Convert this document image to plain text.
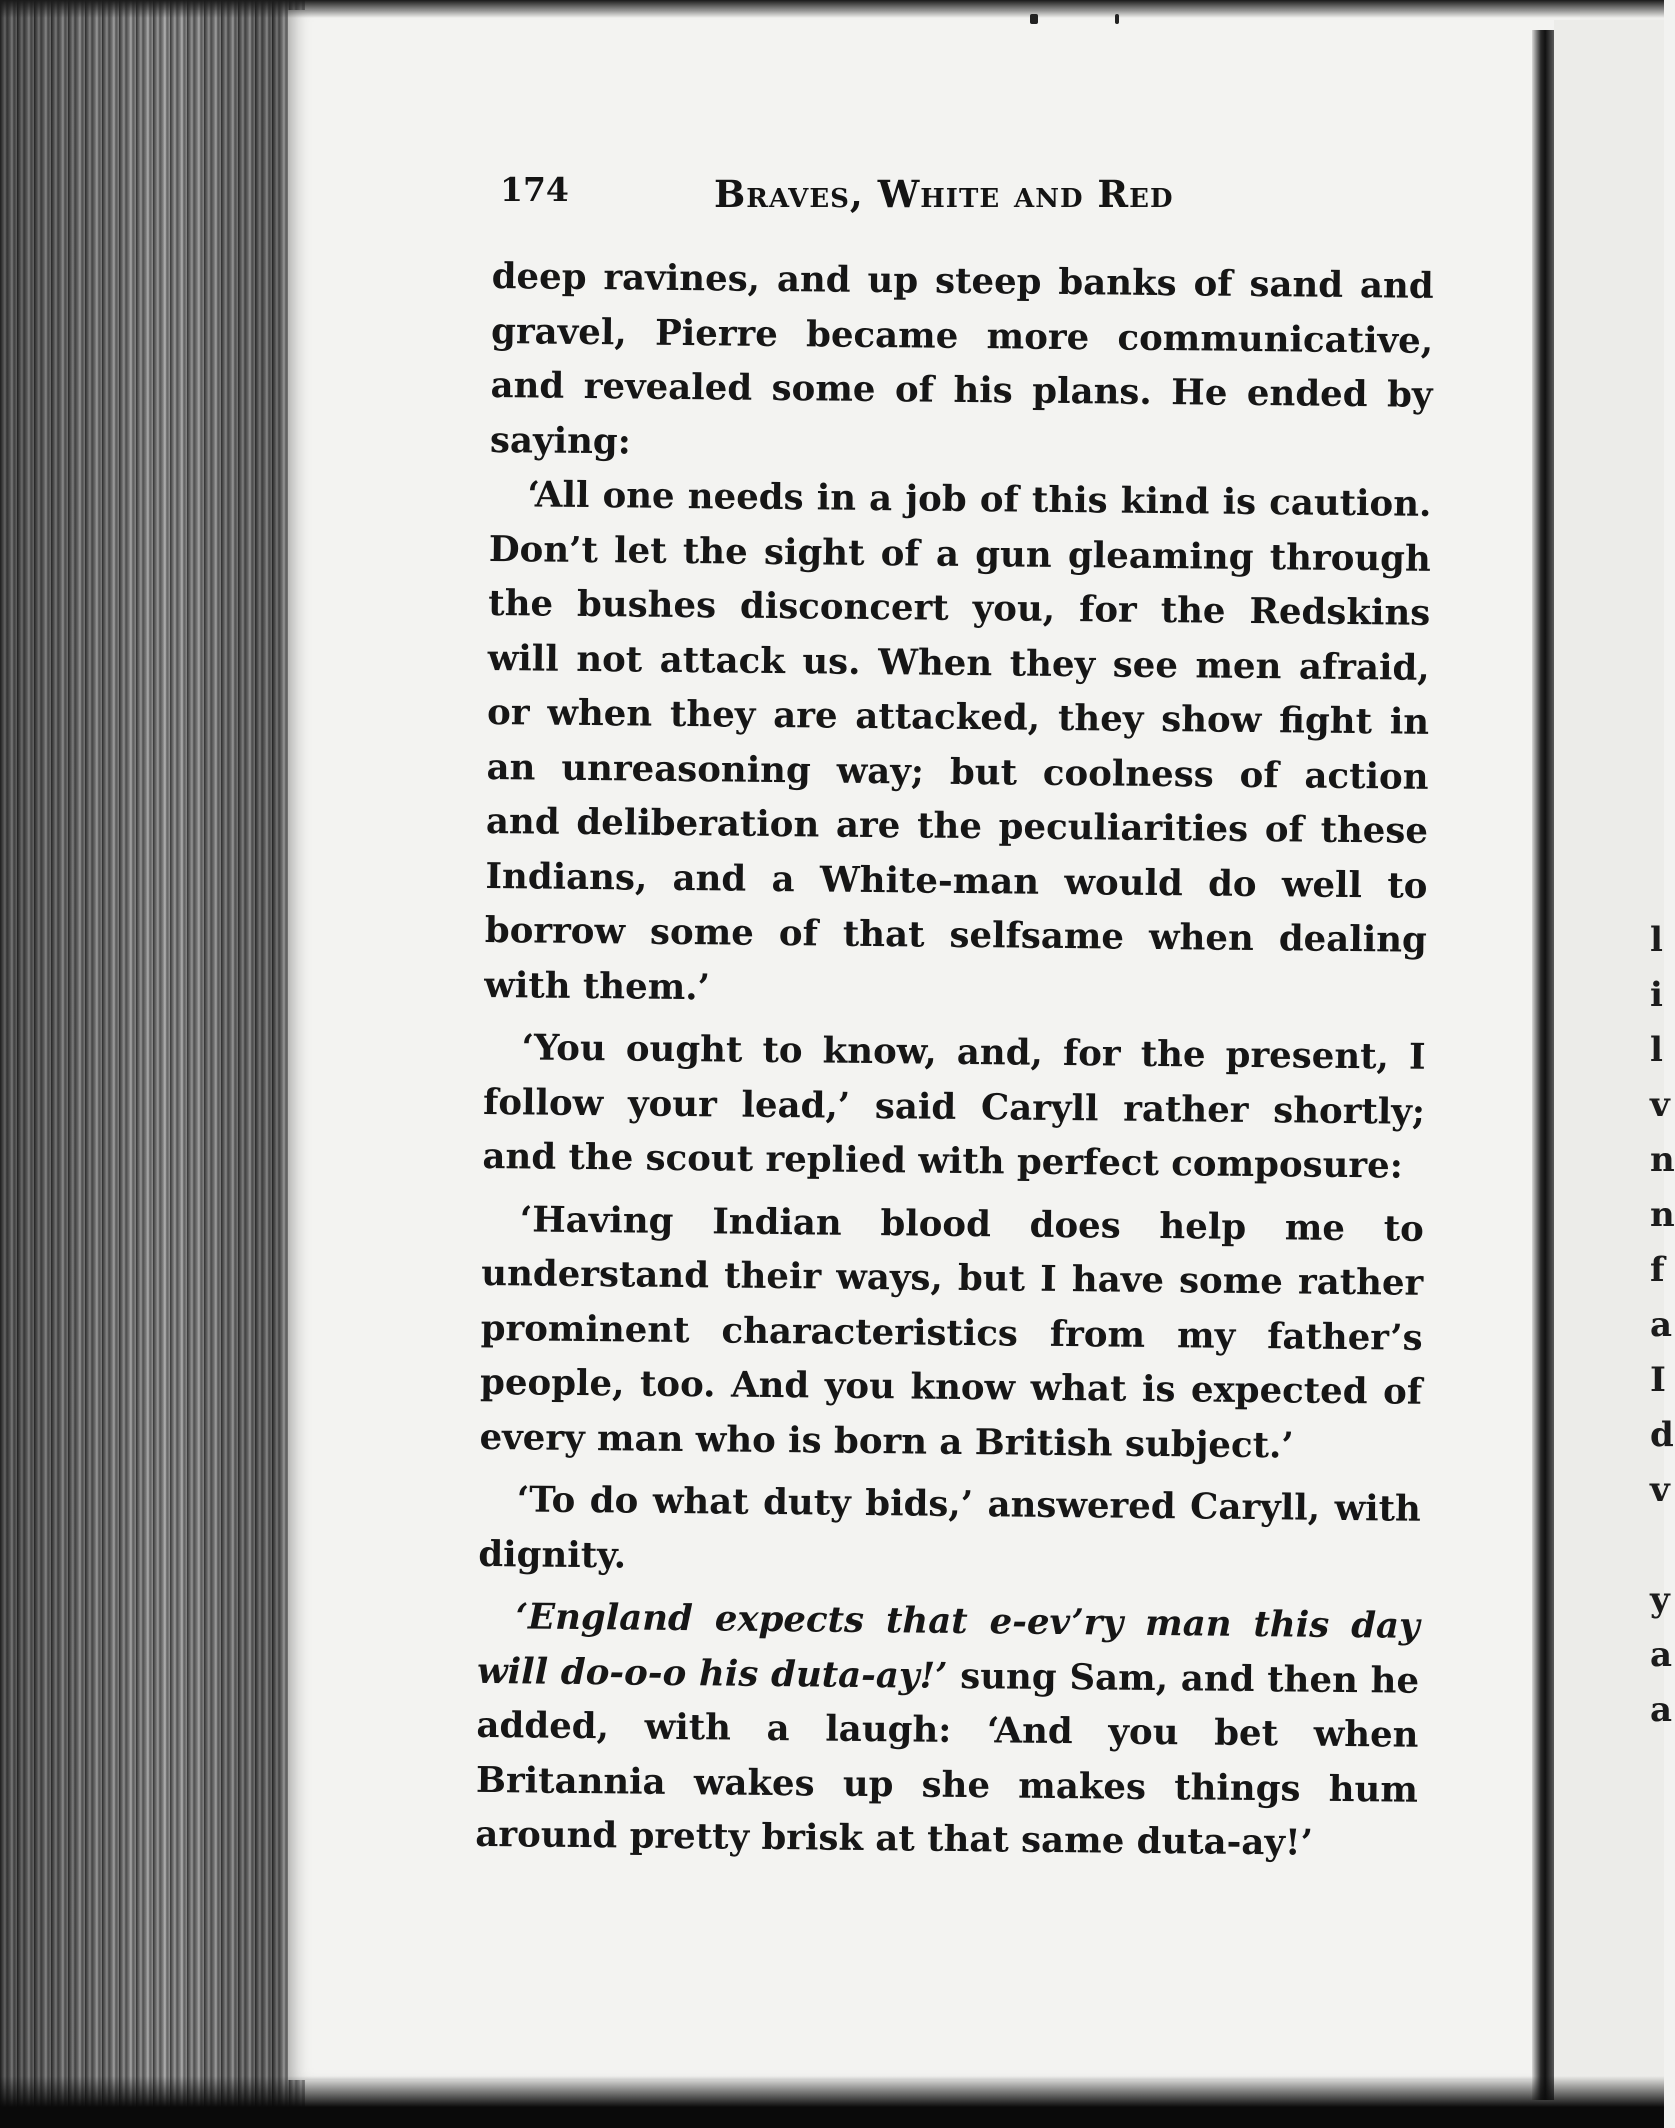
l
i
l
v
n
n
f
a
I
d
v
y
a
a
174	Braves, White and Red

deep ravines, and up steep banks of sand and gravel, Pierre became more communicative, and revealed some of his plans. He ended by saying:

‘All one needs in a job of this kind is caution. Don’t let the sight of a gun gleaming through the bushes disconcert you, for the Redskins will not attack us. When they see men afraid, or when they are attacked, they show fight in an unreasoning way; but coolness of action and deliberation are the peculiarities of these Indians, and a White-man would do well to borrow some of that selfsame when dealing with them.’

‘You ought to know, and, for the present, I follow your lead,’ said Caryll rather shortly; and the scout replied with perfect composure:

‘Having Indian blood does help me to understand their ways, but I have some rather prominent characteristics from my father’s people, too. And you know what is expected of every man who is born a British subject.’

‘To do what duty bids,’ answered Caryll, with dignity.

‘England expects that e-ev’ry man this day will do-o-o his duta-ay!’ sung Sam, and then he added, with a laugh: ‘And you bet when Britannia wakes up she makes things hum around pretty brisk at that same duta-ay!’
